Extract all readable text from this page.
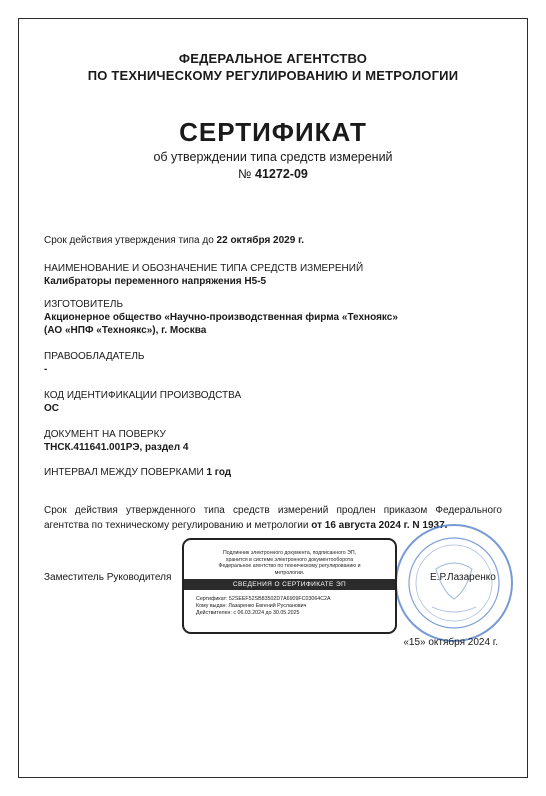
ФЕДЕРАЛЬНОЕ АГЕНТСТВО
ПО ТЕХНИЧЕСКОМУ РЕГУЛИРОВАНИЮ И МЕТРОЛОГИИ
СЕРТИФИКАТ
об утверждении типа средств измерений
№ 41272-09
Срок действия утверждения типа до 22 октября 2029 г.
НАИМЕНОВАНИЕ И ОБОЗНАЧЕНИЕ ТИПА СРЕДСТВ ИЗМЕРЕНИЙ
Калибраторы переменного напряжения Н5-5
ИЗГОТОВИТЕЛЬ
Акционерное общество «Научно-производственная фирма «Техноякс»
(АО «НПФ «Техноякс»), г. Москва
ПРАВООБЛАДАТЕЛЬ
-
КОД ИДЕНТИФИКАЦИИ ПРОИЗВОДСТВА
ОС
ДОКУМЕНТ НА ПОВЕРКУ
ТНСК.411641.001РЭ, раздел 4
ИНТЕРВАЛ МЕЖДУ ПОВЕРКАМИ 1 год
Срок действия утвержденного типа средств измерений продлен приказом Федерального агентства по техническому регулированию и метрологии от 16 августа 2024 г. N 1937.
Заместитель Руководителя	Е.Р.Лазаренко
Подлинник электронного документа, подписанного ЭП,
хранится в системе электронного документооборота
Федеральное агентство по техническому регулированию и
метрологии.
СВЕДЕНИЯ О СЕРТИФИКАТЕ ЭП
Сертификат: 52SEEF52SB83502D7A6909FC03064C2A
Кому выдан: Лазаренко Евгений Русланович
Действителен: с 06.03.2024 до 30.05.2025
«15» октября 2024 г.
